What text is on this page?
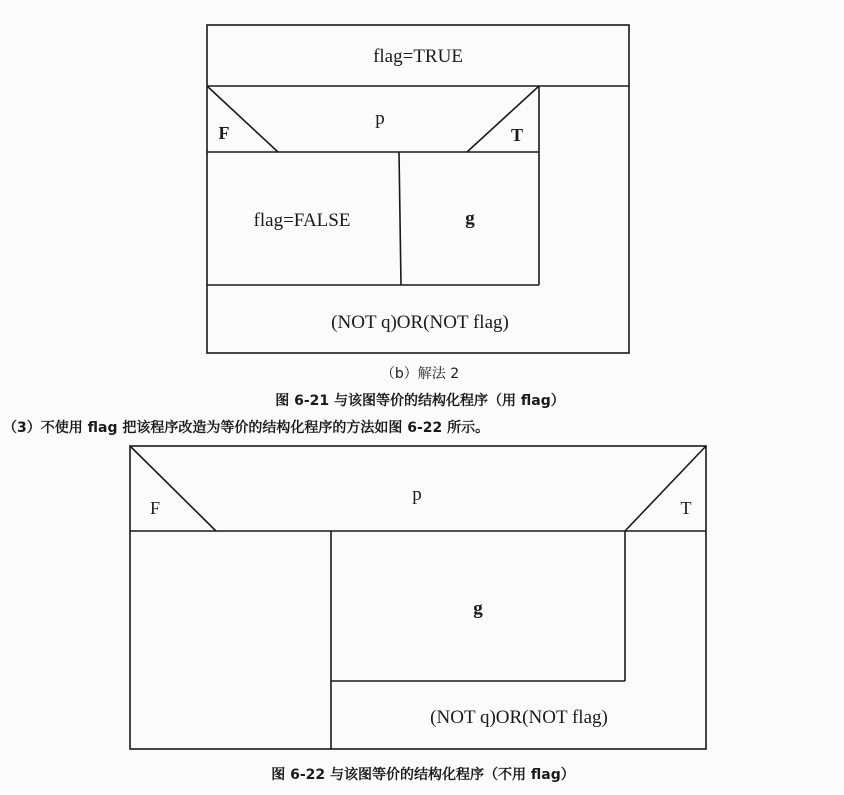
flag=TRUE
p
F	T
flag=FALSE	g
(NOT q)OR(NOT flag)
（b）解法 2
图 6-21 与该图等价的结构化程序（用 flag）
（3）不使用 flag 把该程序改造为等价的结构化程序的方法如图 6-22 所示。
p
F	T
g
(NOT q)OR(NOT flag)
图 6-22 与该图等价的结构化程序（不用 flag）
